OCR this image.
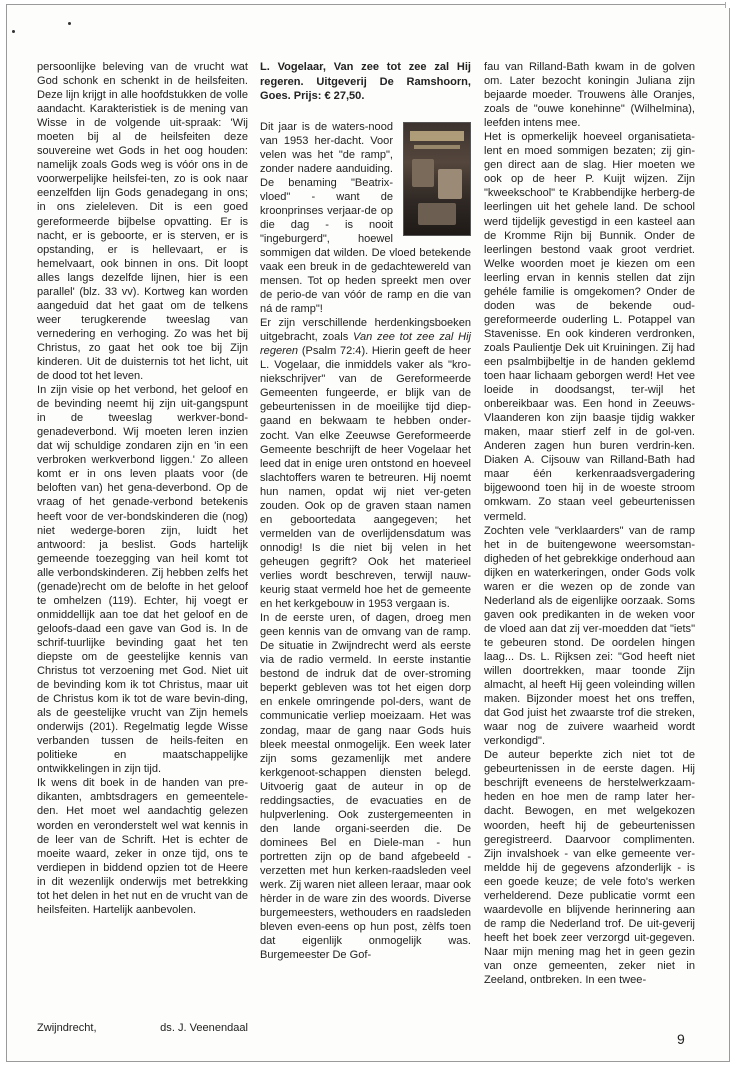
persoonlijke beleving van de vrucht wat God schonk en schenkt in de heilsfeiten. Deze lijn krijgt in alle hoofdstukken de volle aandacht. Karakteristiek is de mening van Wisse in de volgende uit-spraak: 'Wij moeten bij al de heilsfeiten deze souvereine wet Gods in het oog houden: namelijk zoals Gods weg is vóór ons in de voorwerpelijke heilsfei-ten, zo is ook naar eenzelfden lijn Gods genadegang in ons; in ons zieleleven. Dit is een goed gereformeerde bijbelse opvatting. Er is nacht, er is geboorte, er is sterven, er is opstanding, er is hellevaart, er is hemelvaart, ook binnen in ons. Dit loopt alles langs dezelfde lijnen, hier is een parallel' (blz. 33 vv). Kortweg kan worden aangeduid dat het gaat om de telkens weer terugkerende tweeslag van vernedering en verhoging. Zo was het bij Christus, zo gaat het ook toe bij Zijn kinderen. Uit de duisternis tot het licht, uit de dood tot het leven.

In zijn visie op het verbond, het geloof en de bevinding neemt hij zijn uit-gangspunt in de tweeslag werkver-bond-genadeverbond. Wij moeten leren inzien dat wij schuldige zondaren zijn en 'in een verbroken werkverbond liggen.' Zo alleen komt er in ons leven plaats voor (de beloften van) het gena-deverbond. Op de vraag of het genade-verbond betekenis heeft voor de ver-bondskinderen die (nog) niet wederge-boren zijn, luidt het antwoord: ja beslist. Gods hartelijk gemeende toezegging van heil komt tot alle verbondskinderen. Zij hebben zelfs het (genade)recht om de belofte in het geloof te omhelzen (119). Echter, hij voegt er onmiddellijk aan toe dat het geloof en de geloofs-daad een gave van God is. In de schrif-tuurlijke bevinding gaat het ten diepste om de geestelijke kennis van Christus tot verzoening met God. Niet uit de bevinding kom ik tot Christus, maar uit de Christus kom ik tot de ware bevin-ding, als de geestelijke vrucht van Zijn hemels onderwijs (201). Regelmatig legde Wisse verbanden tussen de heils-feiten en politieke en maatschappelijke ontwikkelingen in zijn tijd.

Ik wens dit boek in de handen van pre-dikanten, ambtsdragers en gemeentele-den. Het moet wel aandachtig gelezen worden en veronderstelt wel wat kennis in de leer van de Schrift. Het is echter de moeite waard, zeker in onze tijd, ons te verdiepen in biddend opzien tot de Heere in dit wezenlijk onderwijs met betrekking tot het delen in het nut en de vrucht van de heilsfeiten. Hartelijk aanbevolen.

Zwijndrecht,	ds. J. Veenendaal

L. Vogelaar, Van zee tot zee zal Hij regeren. Uitgeverij De Ramshoorn, Goes. Prijs: € 27,50.

Dit jaar is de waters-nood van 1953 her-dacht. Voor velen was het "de ramp", zonder nadere aanduiding. De benaming "Beatrix-vloed" - want de kroonprinses verjaar-de op die dag - is nooit "ingeburgerd", hoewel sommigen dat wilden. De vloed betekende vaak een breuk in de gedachtewereld van mensen. Tot op heden spreekt men over de perio-de van vóór de ramp en die van ná de ramp"!

Er zijn verschillende herdenkingsboeken uitgebracht, zoals Van zee tot zee zal Hij regeren (Psalm 72:4). Hierin geeft de heer L. Vogelaar, die inmiddels vaker als "kro-niekschrijver" van de Gereformeerde Gemeenten fungeerde, er blijk van de gebeurtenissen in de moeilijke tijd diep-gaand en bekwaam te hebben onder-zocht. Van elke Zeeuwse Gereformeerde Gemeente beschrijft de heer Vogelaar het leed dat in enige uren ontstond en hoeveel slachtoffers waren te betreuren. Hij noemt hun namen, opdat wij niet ver-geten zouden. Ook op de graven staan namen en geboortedata aangegeven; het vermelden van de overlijdensdatum was onnodig! Is die niet bij velen in het geheugen gegrift? Ook het materieel verlies wordt beschreven, terwijl nauw-keurig staat vermeld hoe het de gemeente en het kerkgebouw in 1953 vergaan is.

In de eerste uren, of dagen, droeg men geen kennis van de omvang van de ramp. De situatie in Zwijndrecht werd als eerste via de radio vermeld. In eerste instantie bestond de indruk dat de over-stroming beperkt gebleven was tot het eigen dorp en enkele omringende pol-ders, want de communicatie verliep moeizaam. Het was zondag, maar de gang naar Gods huis bleek meestal onmogelijk. Een week later zijn soms gezamenlijk met andere kerkgenoot-schappen diensten belegd. Uitvoerig gaat de auteur in op de reddingsacties, de evacuaties en de hulpverlening. Ook zustergemeenten in den lande organi-seerden die. De dominees Bel en Diele-man - hun portretten zijn op de band afgebeeld - verzetten met hun kerken-raadsleden veel werk. Zij waren niet alleen leraar, maar ook hèrder in de ware zin des woords. Diverse burgemeesters, wethouders en raadsleden bleven even-eens op hun post, zèlfs toen dat eigenlijk onmogelijk was. Burgemeester De Gof-

fau van Rilland-Bath kwam in de golven om. Later bezocht koningin Juliana zijn bejaarde moeder. Trouwens àlle Oranjes, zoals de "ouwe konehinne" (Wilhelmina), leefden intens mee.

Het is opmerkelijk hoeveel organisatieta-lent en moed sommigen bezaten; zij gin-gen direct aan de slag. Hier moeten we ook op de heer P. Kuijt wijzen. Zijn "kweekschool" te Krabbendijke herberg-de leerlingen uit het gehele land. De school werd tijdelijk gevestigd in een kasteel aan de Kromme Rijn bij Bunnik. Onder de leerlingen bestond vaak groot verdriet. Welke woorden moet je kiezen om een leerling ervan in kennis stellen dat zijn gehéle familie is omgekomen? Onder de doden was de bekende oud-gereformeerde ouderling L. Potappel van Stavenisse. En ook kinderen verdronken, zoals Paulientje Dek uit Kruiningen. Zij had een psalmbijbeltje in de handen geklemd toen haar lichaam geborgen werd! Het vee loeide in doodsangst, ter-wijl het onbereikbaar was. Een hond in Zeeuws-Vlaanderen kon zijn baasje tijdig wakker maken, maar stierf zelf in de gol-ven. Anderen zagen hun buren verdrin-ken. Diaken A. Cijsouw van Rilland-Bath had maar één kerkenraadsvergadering bijgewoond toen hij in de woeste stroom omkwam. Zo staan veel gebeurtenissen vermeld.

Zochten vele "verklaarders" van de ramp het in de buitengewone weersomstan-digheden of het gebrekkige onderhoud aan dijken en waterkeringen, onder Gods volk waren er die wezen op de zonde van Nederland als de eigenlijke oorzaak. Soms gaven ook predikanten in de weken voor de vloed aan dat zij ver-moedden dat "iets" te gebeuren stond. De oordelen hingen laag... Ds. L. Rijksen zei: "God heeft niet willen doortrekken, maar toonde Zijn almacht, al heeft Hij geen voleinding willen maken. Bijzonder moest het ons treffen, dat God juist het zwaarste trof die streken, waar nog de zuivere waarheid wordt verkondigd".

De auteur beperkte zich niet tot de gebeurtenissen in de eerste dagen. Hij beschrijft eveneens de herstelwerkzaam-heden en hoe men de ramp later her-dacht. Bewogen, en met welgekozen woorden, heeft hij de gebeurtenissen geregistreerd. Daarvoor complimenten. Zijn invalshoek - van elke gemeente ver-meldde hij de gegevens afzonderlijk - is een goede keuze; de vele foto's werken verhelderend. Deze publicatie vormt een waardevolle en blijvende herinnering aan de ramp die Nederland trof. De uit-geverij heeft het boek zeer verzorgd uit-gegeven. Naar mijn mening mag het in geen gezin van onze gemeenten, zeker niet in Zeeland, ontbreken. In een twee-

9
